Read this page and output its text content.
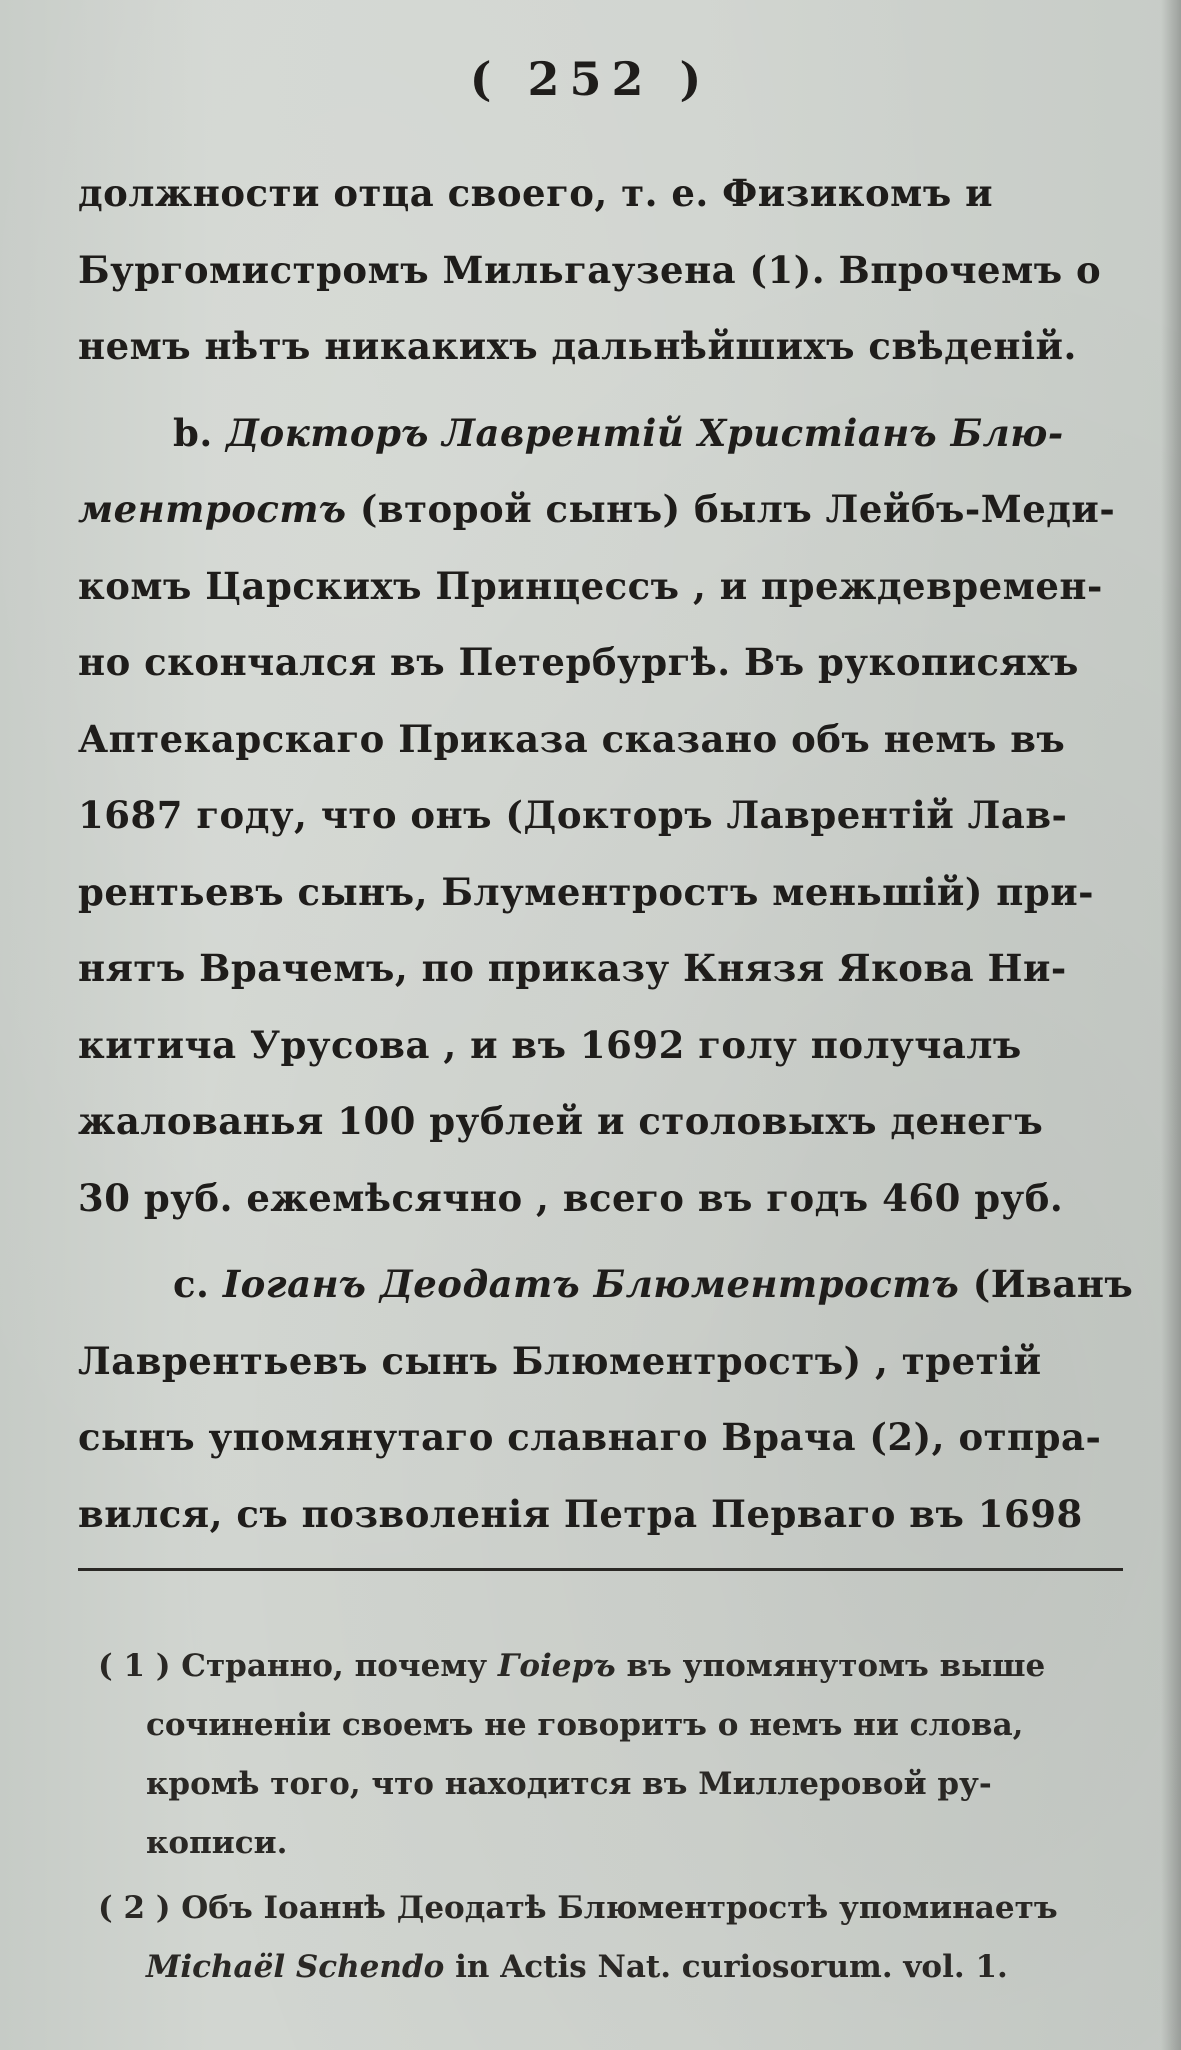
( 252 )
должности отца своего, т. е. Физикомъ и
Бургомистромъ Мильгаузена (1). Впрочемъ о
немъ нѣтъ никакихъ дальнѣйшихъ свѣденій.
b. Докторъ Лаврентій Христіанъ Блю-
ментростъ (второй сынъ) былъ Лейбъ-Меди-
комъ Царскихъ Принцессъ , и преждевремен-
но скончался въ Петербургѣ. Въ рукописяхъ
Аптекарскаго Приказа сказано объ немъ въ
1687 году, что онъ (Докторъ Лаврентій Лав-
рентьевъ сынъ, Блументростъ меньшій) при-
нятъ Врачемъ, по приказу Князя Якова Ни-
китича Урусова , и въ 1692 голу получалъ
жалованья 100 рублей и столовыхъ денегъ
30 руб. ежемѣсячно , всего въ годъ 460 руб.
c. Iоганъ Деодатъ Блюментростъ (Иванъ
Лаврентьевъ сынъ Блюментростъ) , третій
сынъ упомянутаго славнаго Врача (2), отпра-
вился, съ позволенія Петра Перваго въ 1698
( 1 ) Странно, почему Гоіеръ въ упомянутомъ выше
сочиненіи своемъ не говоритъ о немъ ни слова,
кромѣ того, что находится въ Миллеровой ру-
кописи.
( 2 ) Объ Іоаннѣ Деодатѣ Блюментростѣ упоминаетъ
Michaël Schendo in Actis Nat. curiosorum. vol. 1.
